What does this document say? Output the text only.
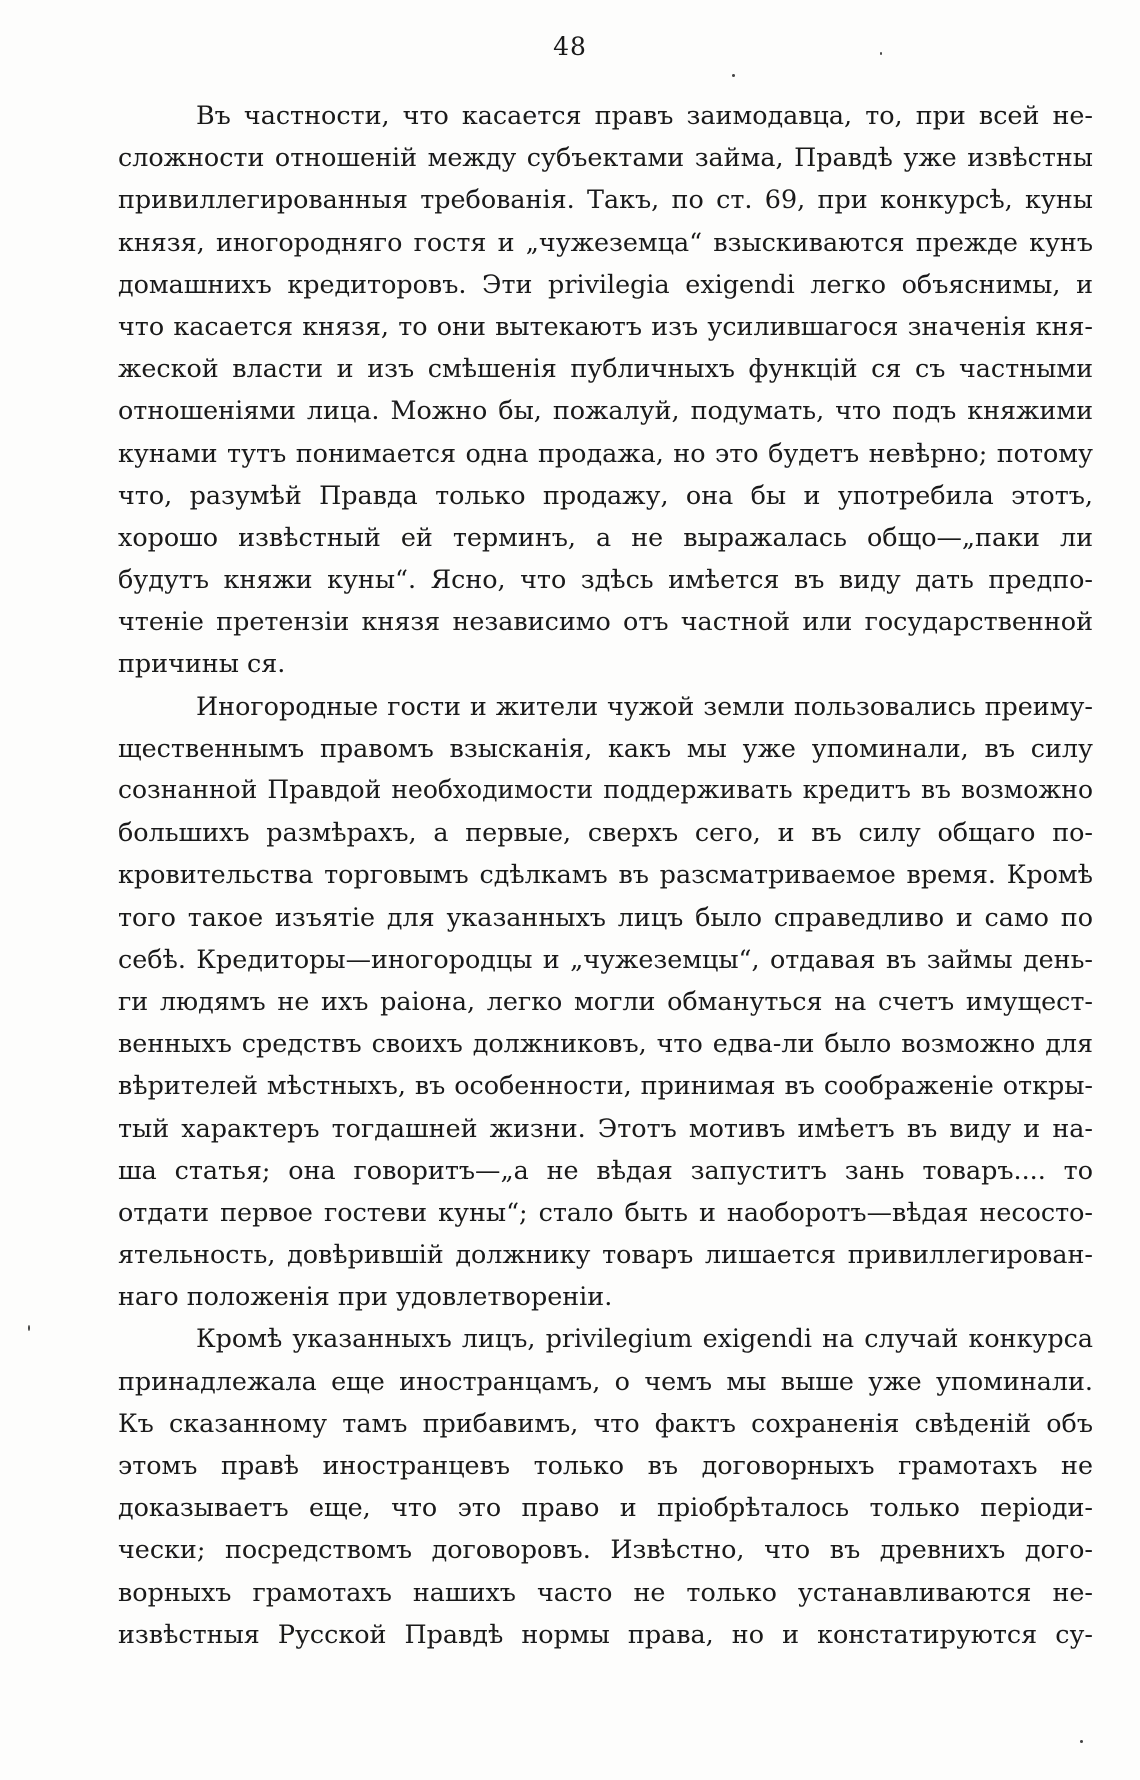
48
Въ частности, что касается правъ заимодавца, то, при всей не-
сложности отношеній между субъектами займа, Правдѣ уже извѣстны
привиллегированныя требованія. Такъ, по ст. 69, при конкурсѣ, куны
князя, иногородняго гостя и „чужеземца“ взыскиваются прежде кунъ
домашнихъ кредиторовъ. Эти privilegia exigendi легко объяснимы, и
что касается князя, то они вытекаютъ изъ усилившагося значенія кня-
жеской власти и изъ смѣшенія публичныхъ функцій ся съ частными
отношеніями лица. Можно бы, пожалуй, подумать, что подъ княжими
кунами тутъ понимается одна продажа, но это будетъ невѣрно; потому
что, разумѣй Правда только продажу, она бы и употребила этотъ,
хорошо извѣстный ей терминъ, а не выражалась общо—„паки ли
будутъ княжи куны“. Ясно, что здѣсь имѣется въ виду дать предпо-
чтеніе претензіи князя независимо отъ частной или государственной
причины ся.
Иногородные гости и жители чужой земли пользовались преиму-
щественнымъ правомъ взысканія, какъ мы уже упоминали, въ силу
сознанной Правдой необходимости поддерживать кредитъ въ возможно
большихъ размѣрахъ, а первые, сверхъ сего, и въ силу общаго по-
кровительства торговымъ сдѣлкамъ въ разсматриваемое время. Кромѣ
того такое изъятіе для указанныхъ лицъ было справедливо и само по
себѣ. Кредиторы—иногородцы и „чужеземцы“, отдавая въ займы день-
ги людямъ не ихъ раіона, легко могли обмануться на счетъ имущест-
венныхъ средствъ своихъ должниковъ, что едва-ли было возможно для
вѣрителей мѣстныхъ, въ особенности, принимая въ соображеніе откры-
тый характеръ тогдашней жизни. Этотъ мотивъ имѣетъ въ виду и на-
ша статья; она говоритъ—„а не вѣдая запуститъ зань товаръ.... то
отдати первое гостеви куны“; стало быть и наоборотъ—вѣдая несосто-
ятельность, довѣрившій должнику товаръ лишается привиллегирован-
наго положенія при удовлетвореніи.
Кромѣ указанныхъ лицъ, privilegium exigendi на случай конкурса
принадлежала еще иностранцамъ, о чемъ мы выше уже упоминали.
Къ сказанному тамъ прибавимъ, что фактъ сохраненія свѣденій объ
этомъ правѣ иностранцевъ только въ договорныхъ грамотахъ не
доказываетъ еще, что это право и пріобрѣталось только періоди-
чески; посредствомъ договоровъ. Извѣстно, что въ древнихъ дого-
ворныхъ грамотахъ нашихъ часто не только устанавливаются не-
извѣстныя Русской Правдѣ нормы права, но и констатируются су-
